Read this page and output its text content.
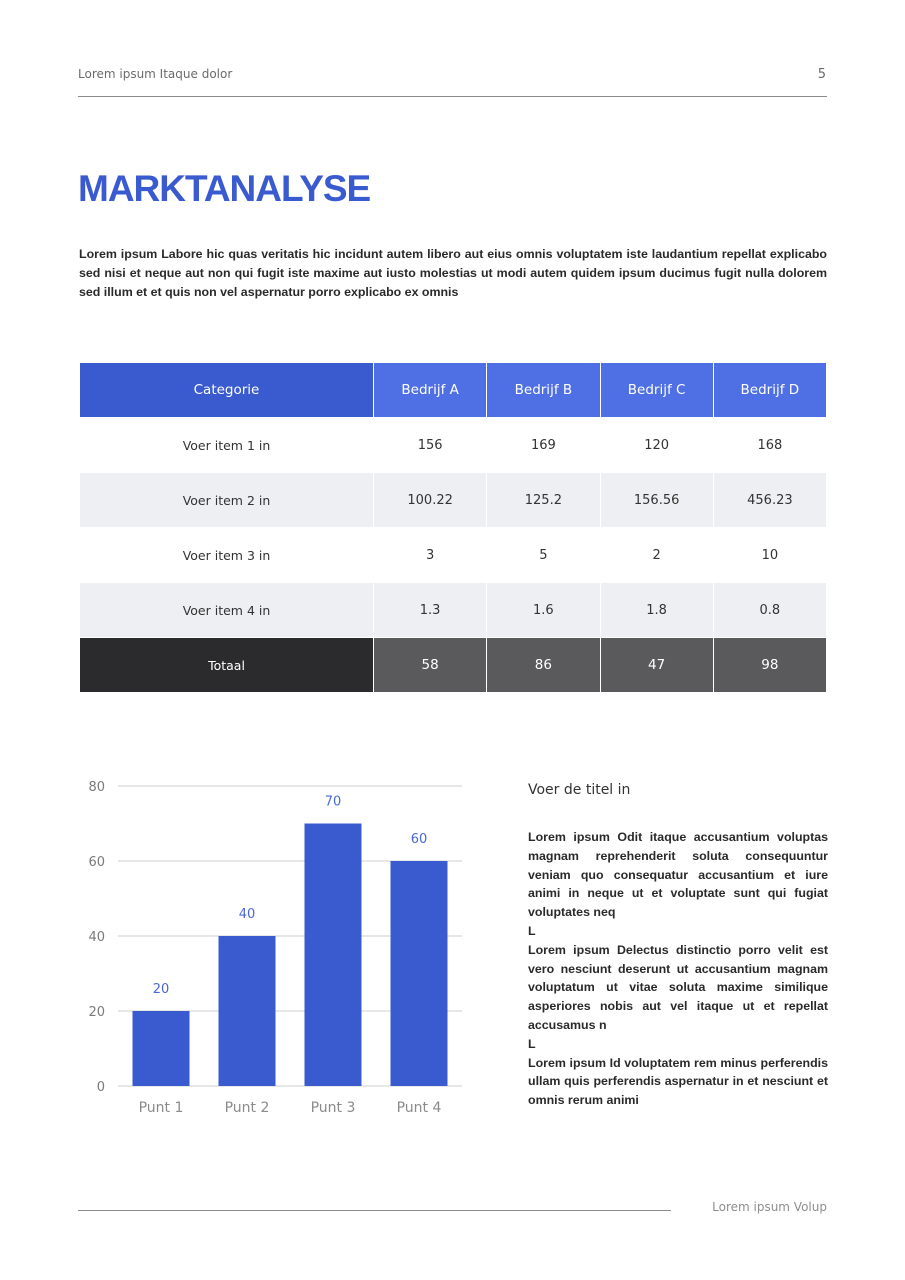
Lorem ipsum Itaque dolor	5
MARKTANALYSE

Lorem ipsum Labore hic quas veritatis hic incidunt autem libero aut eius omnis voluptatem iste laudantium repellat explicabo sed nisi et neque aut non qui fugit iste maxime aut iusto molestias ut modi autem quidem ipsum ducimus fugit nulla dolorem sed illum et et quis non vel aspernatur porro explicabo ex omnis

Categorie	Bedrijf A	Bedrijf B	Bedrijf C	Bedrijf D
Voer item 1 in	156	169	120	168
Voer item 2 in	100.22	125.2	156.56	456.23
Voer item 3 in	3	5	2	10
Voer item 4 in	1.3	1.6	1.8	0.8
Totaal	58	86	47	98
0
20
40
60
80
20
Punt 1
40
Punt 2
70
Punt 3
60
Punt 4
Voer de titel in

Lorem ipsum Odit itaque accusantium voluptas magnam reprehenderit soluta consequuntur veniam quo consequatur accusantium et iure animi in neque ut et voluptate sunt qui fugiat voluptates neq

L

Lorem ipsum Delectus distinctio porro velit est vero nesciunt deserunt ut accusantium magnam voluptatum ut vitae soluta maxime similique asperiores nobis aut vel itaque ut et repellat accusamus n

L

Lorem ipsum Id voluptatem rem minus perferendis ullam quis perferendis aspernatur in et nesciunt et omnis rerum animi

Lorem ipsum Volup
